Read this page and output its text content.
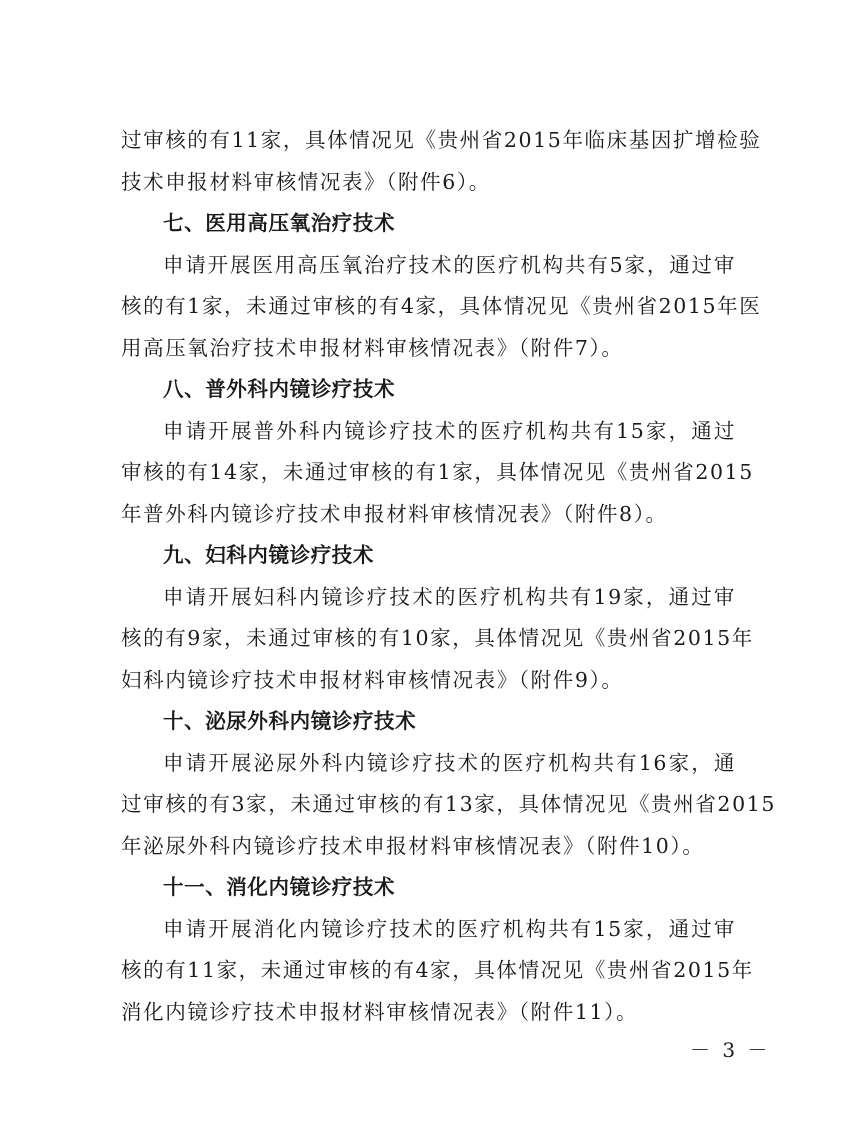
过审核的有11家，具体情况见《贵州省2015年临床基因扩增检验
技术申报材料审核情况表》（附件6）。
七、医用高压氧治疗技术
申请开展医用高压氧治疗技术的医疗机构共有5家，通过审
核的有1家，未通过审核的有4家，具体情况见《贵州省2015年医
用高压氧治疗技术申报材料审核情况表》（附件7）。
八、普外科内镜诊疗技术
申请开展普外科内镜诊疗技术的医疗机构共有15家，通过
审核的有14家，未通过审核的有1家，具体情况见《贵州省2015
年普外科内镜诊疗技术申报材料审核情况表》（附件8）。
九、妇科内镜诊疗技术
申请开展妇科内镜诊疗技术的医疗机构共有19家，通过审
核的有9家，未通过审核的有10家，具体情况见《贵州省2015年
妇科内镜诊疗技术申报材料审核情况表》（附件9）。
十、泌尿外科内镜诊疗技术
申请开展泌尿外科内镜诊疗技术的医疗机构共有16家，通
过审核的有3家，未通过审核的有13家，具体情况见《贵州省2015
年泌尿外科内镜诊疗技术申报材料审核情况表》（附件10）。
十一、消化内镜诊疗技术
申请开展消化内镜诊疗技术的医疗机构共有15家，通过审
核的有11家，未通过审核的有4家，具体情况见《贵州省2015年
消化内镜诊疗技术申报材料审核情况表》（附件11）。
－ 3 －
